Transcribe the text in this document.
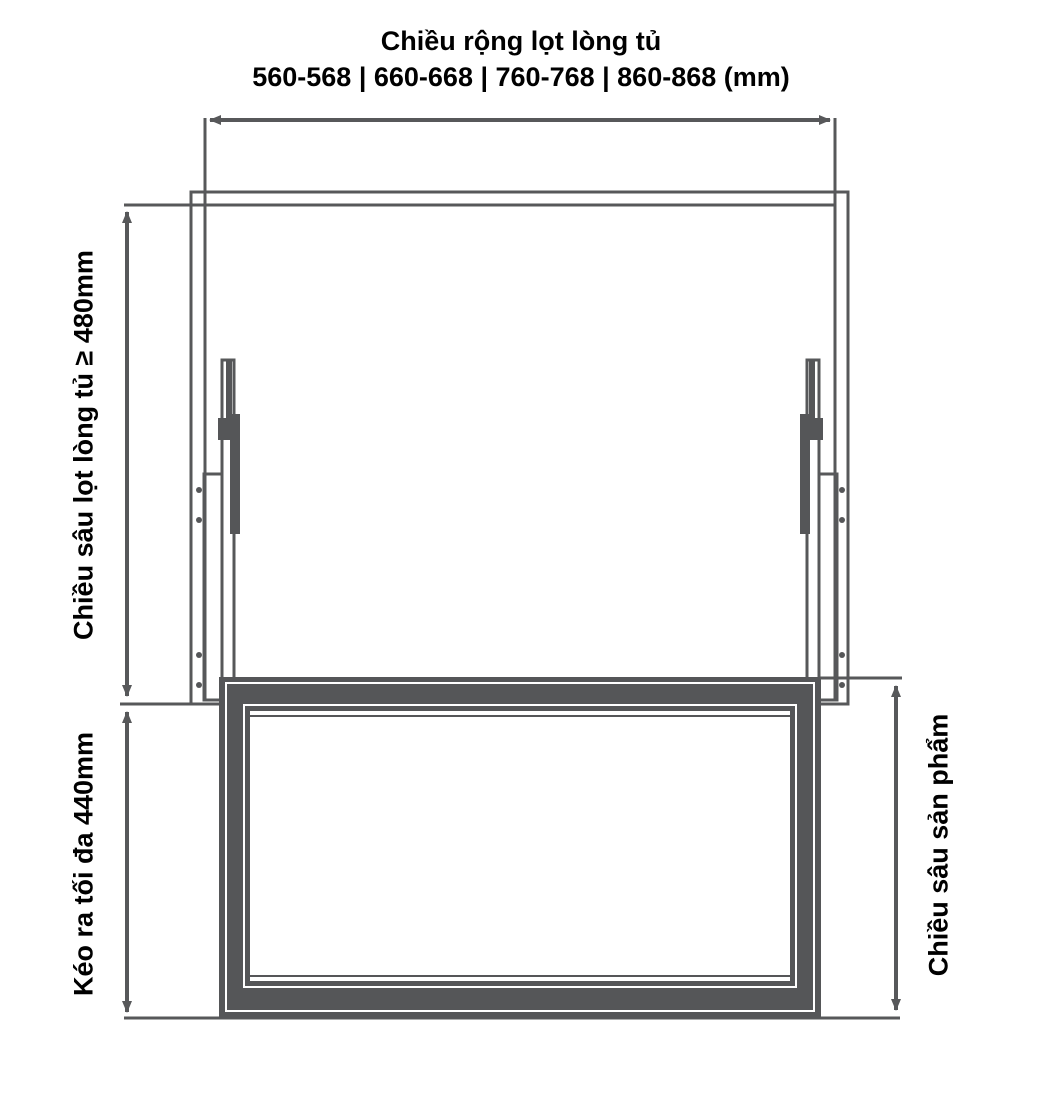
Chiều rộng lọt lòng tủ
560-568 | 660-668 | 760-768 | 860-868 (mm)
Chiều sâu lọt lòng tủ ≥ 480mm
Kéo ra tối đa 440mm	Chiều sâu sản phẩm
